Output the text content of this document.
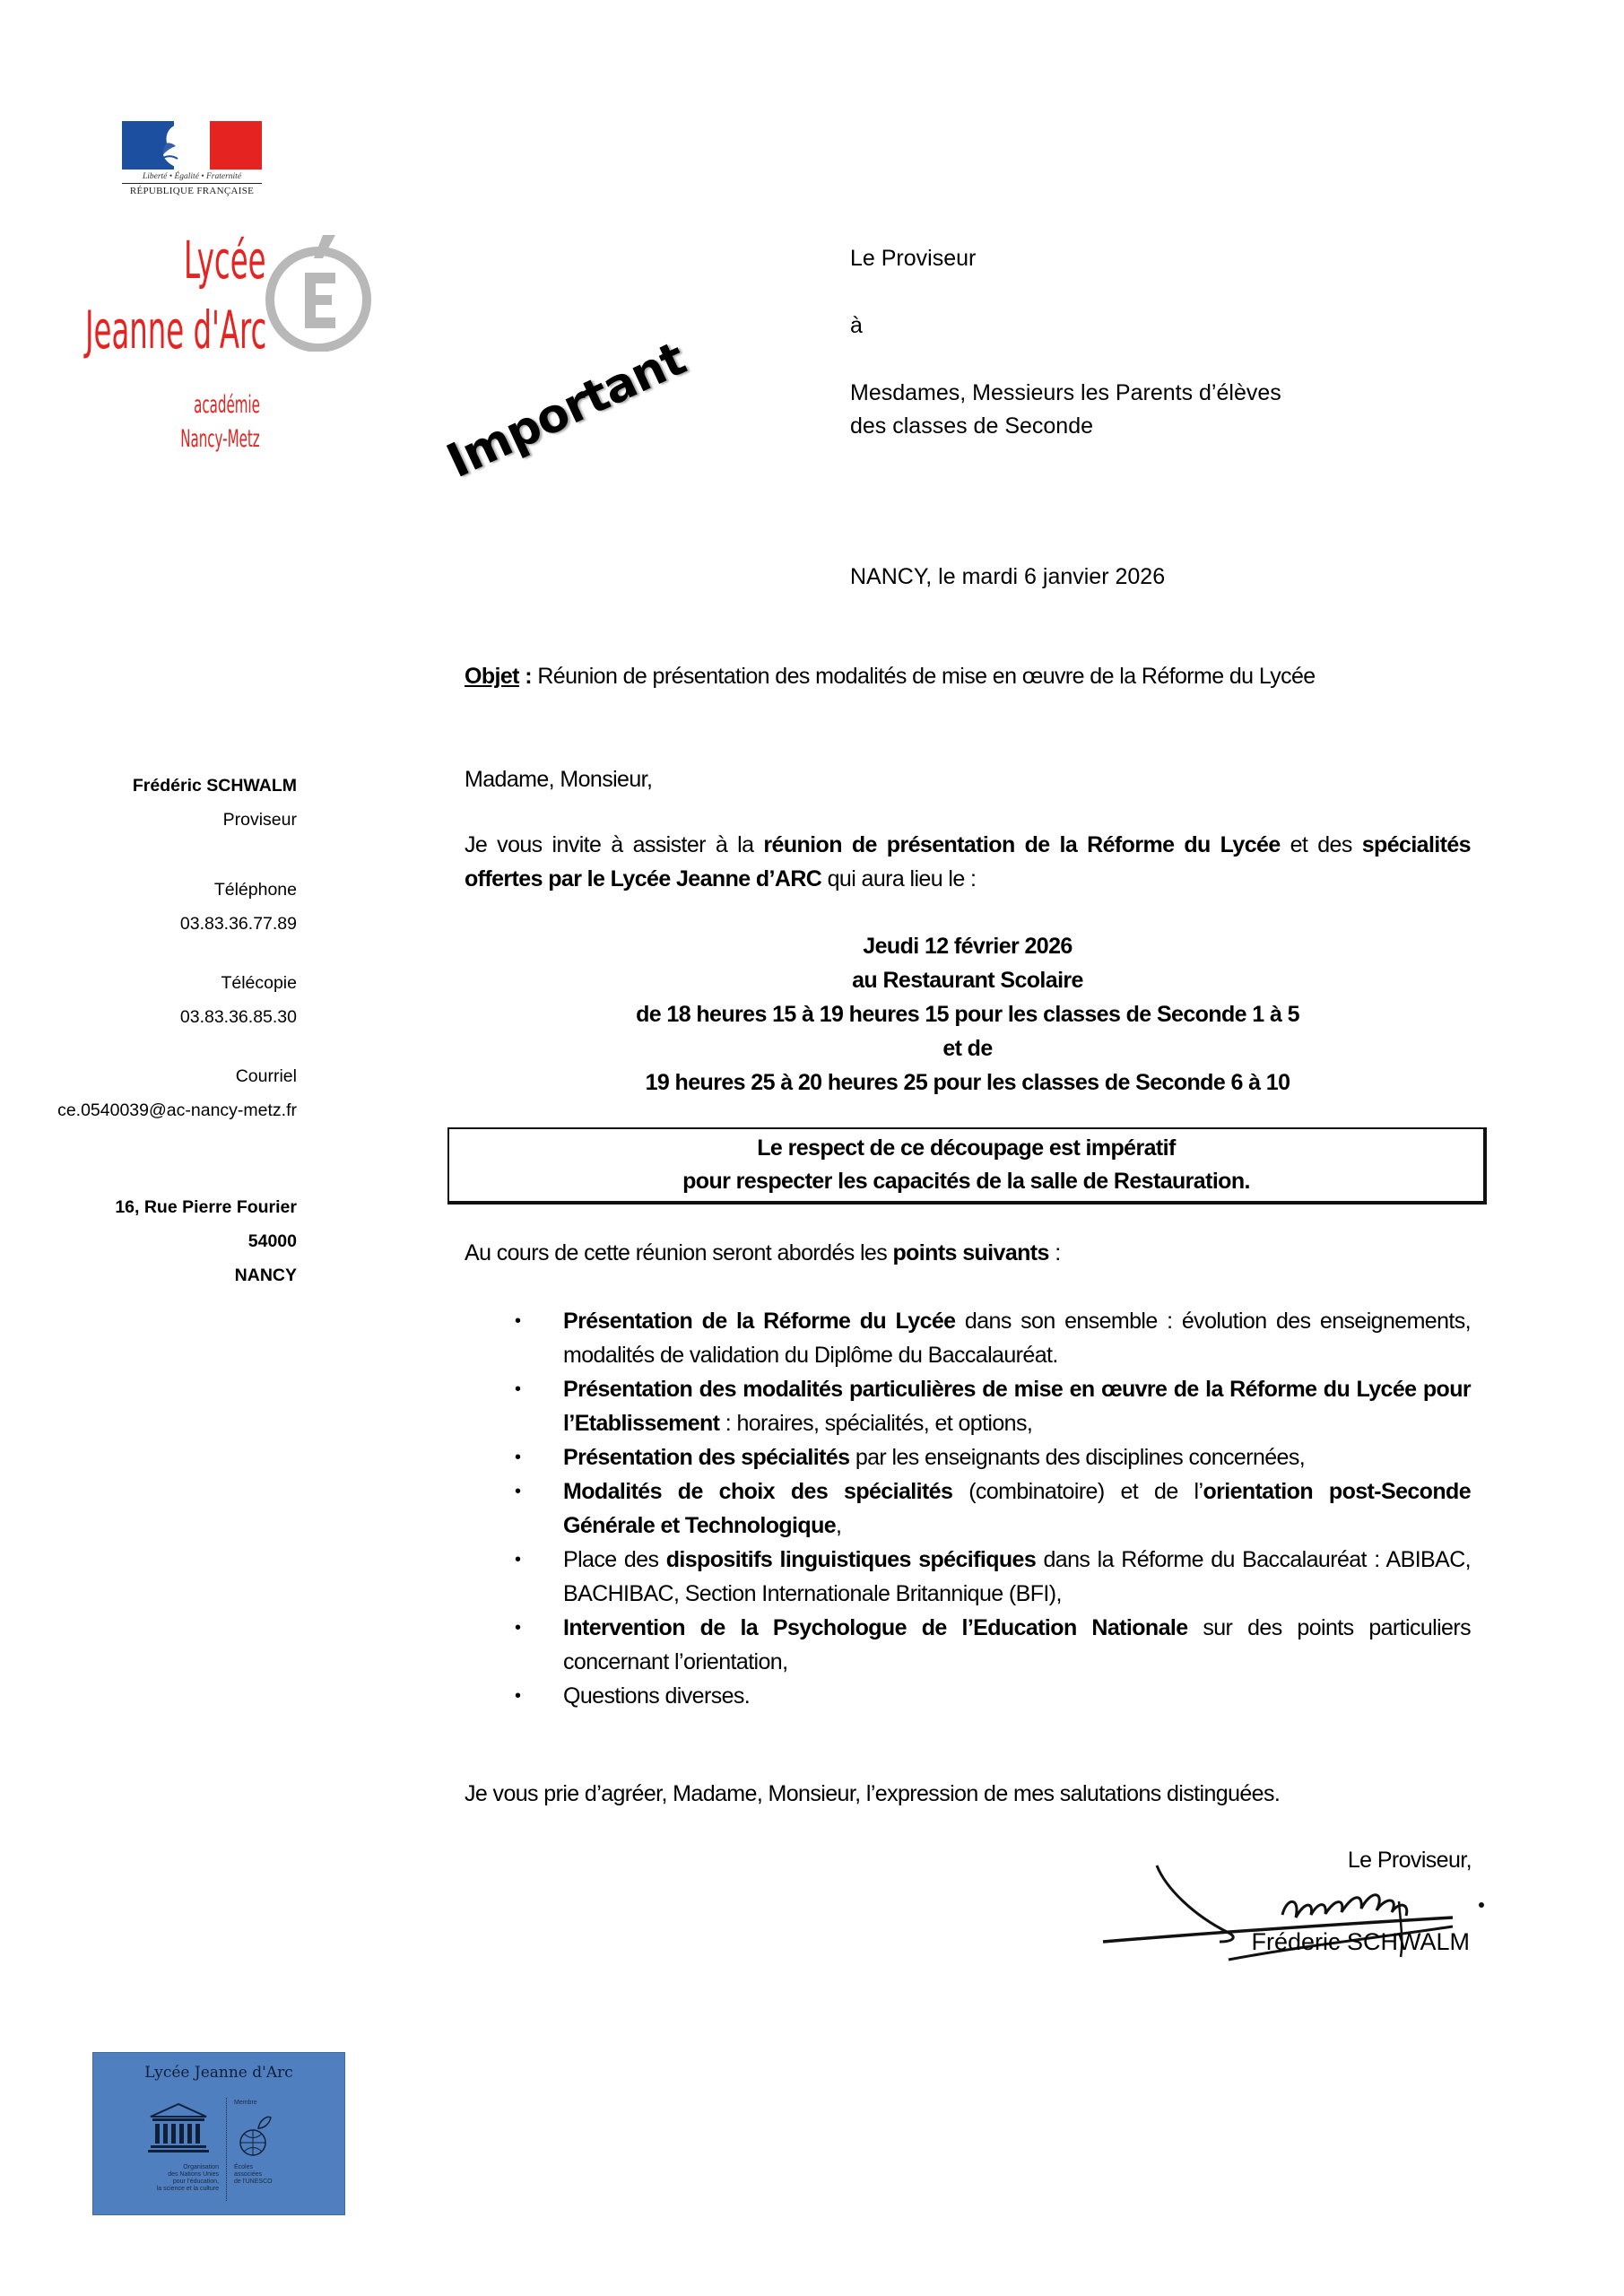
Liberté • Égalité • Fraternité
RÉPUBLIQUE FRANÇAISE
Lycée
Jeanne d'Arc
académie
Nancy-Metz	Important
Le Proviseur
à
Mesdames, Messieurs les Parents d’élèves
des classes de Seconde
NANCY, le mardi 6 janvier 2026
Objet : Réunion de présentation des modalités de mise en œuvre de la Réforme du Lycée
Frédéric SCHWALM
Proviseur
Téléphone
03.83.36.77.89
Télécopie
03.83.36.85.30
Courriel
ce.0540039@ac-nancy-metz.fr
16, Rue Pierre Fourier
54000
NANCY
Madame, Monsieur,
Je vous invite à assister à la réunion de présentation de la Réforme du Lycée et des spécialités offertes par le Lycée Jeanne d’ARC qui aura lieu le :
Jeudi 12 février 2026
au Restaurant Scolaire
de 18 heures 15 à 19 heures 15 pour les classes de Seconde 1 à 5
et de
19 heures 25 à 20 heures 25 pour les classes de Seconde 6 à 10
Le respect de ce découpage est impératif
pour respecter les capacités de la salle de Restauration.
Au cours de cette réunion seront abordés les points suivants :
• Présentation de la Réforme du Lycée dans son ensemble : évolution des enseignements, modalités de validation du Diplôme du Baccalauréat.
• Présentation des modalités particulières de mise en œuvre de la Réforme du Lycée pour l’Etablissement : horaires, spécialités, et options,
• Présentation des spécialités par les enseignants des disciplines concernées,
• Modalités de choix des spécialités (combinatoire) et de l’orientation post-Seconde Générale et Technologique,
• Place des dispositifs linguistiques spécifiques dans la Réforme du Baccalauréat : ABIBAC, BACHIBAC, Section Internationale Britannique (BFI),
• Intervention de la Psychologue de l’Education Nationale sur des points particuliers concernant l’orientation,
• Questions diverses.
Je vous prie d’agréer, Madame, Monsieur, l’expression de mes salutations distinguées.
Le Proviseur,
Fréderic SCHWALM
Lycée Jeanne d'Arc
Membre
Organisation
des Nations Unies
pour l'éducation,
la science et la culture
Écoles
associées
de l'UNESCO
